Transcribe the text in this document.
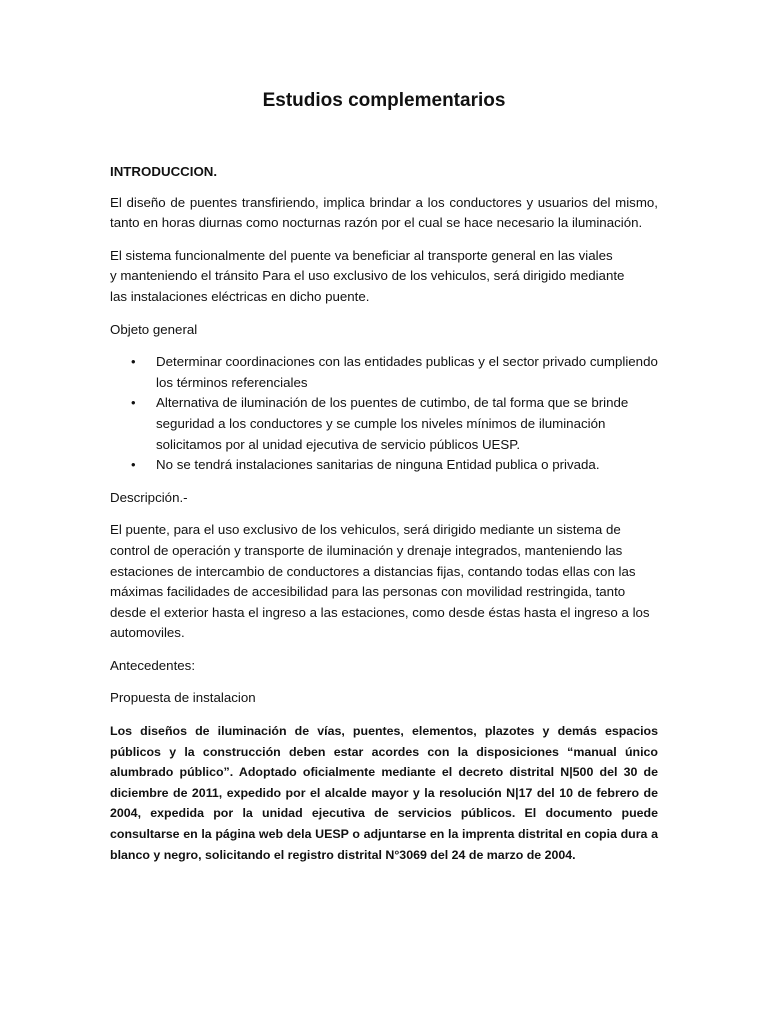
Estudios complementarios

INTRODUCCION.

El diseño de puentes transfiriendo, implica brindar a los conductores y usuarios del mismo, tanto en horas diurnas como nocturnas razón por el cual se hace necesario la iluminación.

El sistema funcionalmente del puente va beneficiar al transporte general en las viales
y manteniendo el tránsito Para el uso exclusivo de los vehiculos, será dirigido mediante
las instalaciones eléctricas en dicho puente.

Objeto general

• Determinar coordinaciones con las entidades publicas y el sector privado cumpliendo los términos referenciales
• Alternativa de iluminación de los puentes de cutimbo, de tal forma que se brinde seguridad a los conductores y se cumple los niveles mínimos de iluminación solicitamos por al unidad ejecutiva de servicio públicos UESP.
• No se tendrá instalaciones sanitarias de ninguna Entidad publica o privada.

Descripción.-

El puente, para el uso exclusivo de los vehiculos, será dirigido mediante un sistema de control de operación y transporte de iluminación y drenaje integrados, manteniendo las estaciones de intercambio de conductores a distancias fijas, contando todas ellas con las máximas facilidades de accesibilidad para las personas con movilidad restringida, tanto desde el exterior hasta el ingreso a las estaciones, como desde éstas hasta el ingreso a los automoviles.

Antecedentes:

Propuesta de instalacion

Los diseños de iluminación de vías, puentes, elementos, plazotes y demás espacios públicos y la construcción deben estar acordes con la disposiciones “manual único alumbrado público”. Adoptado oficialmente mediante el decreto distrital N|500 del 30 de diciembre de 2011, expedido por el alcalde mayor y la resolución N|17 del 10 de febrero de 2004, expedida por la unidad ejecutiva de servicios públicos. El documento puede consultarse en la página web dela UESP o adjuntarse en la imprenta distrital en copia dura a blanco y negro, solicitando el registro distrital N°3069 del 24 de marzo de 2004.
